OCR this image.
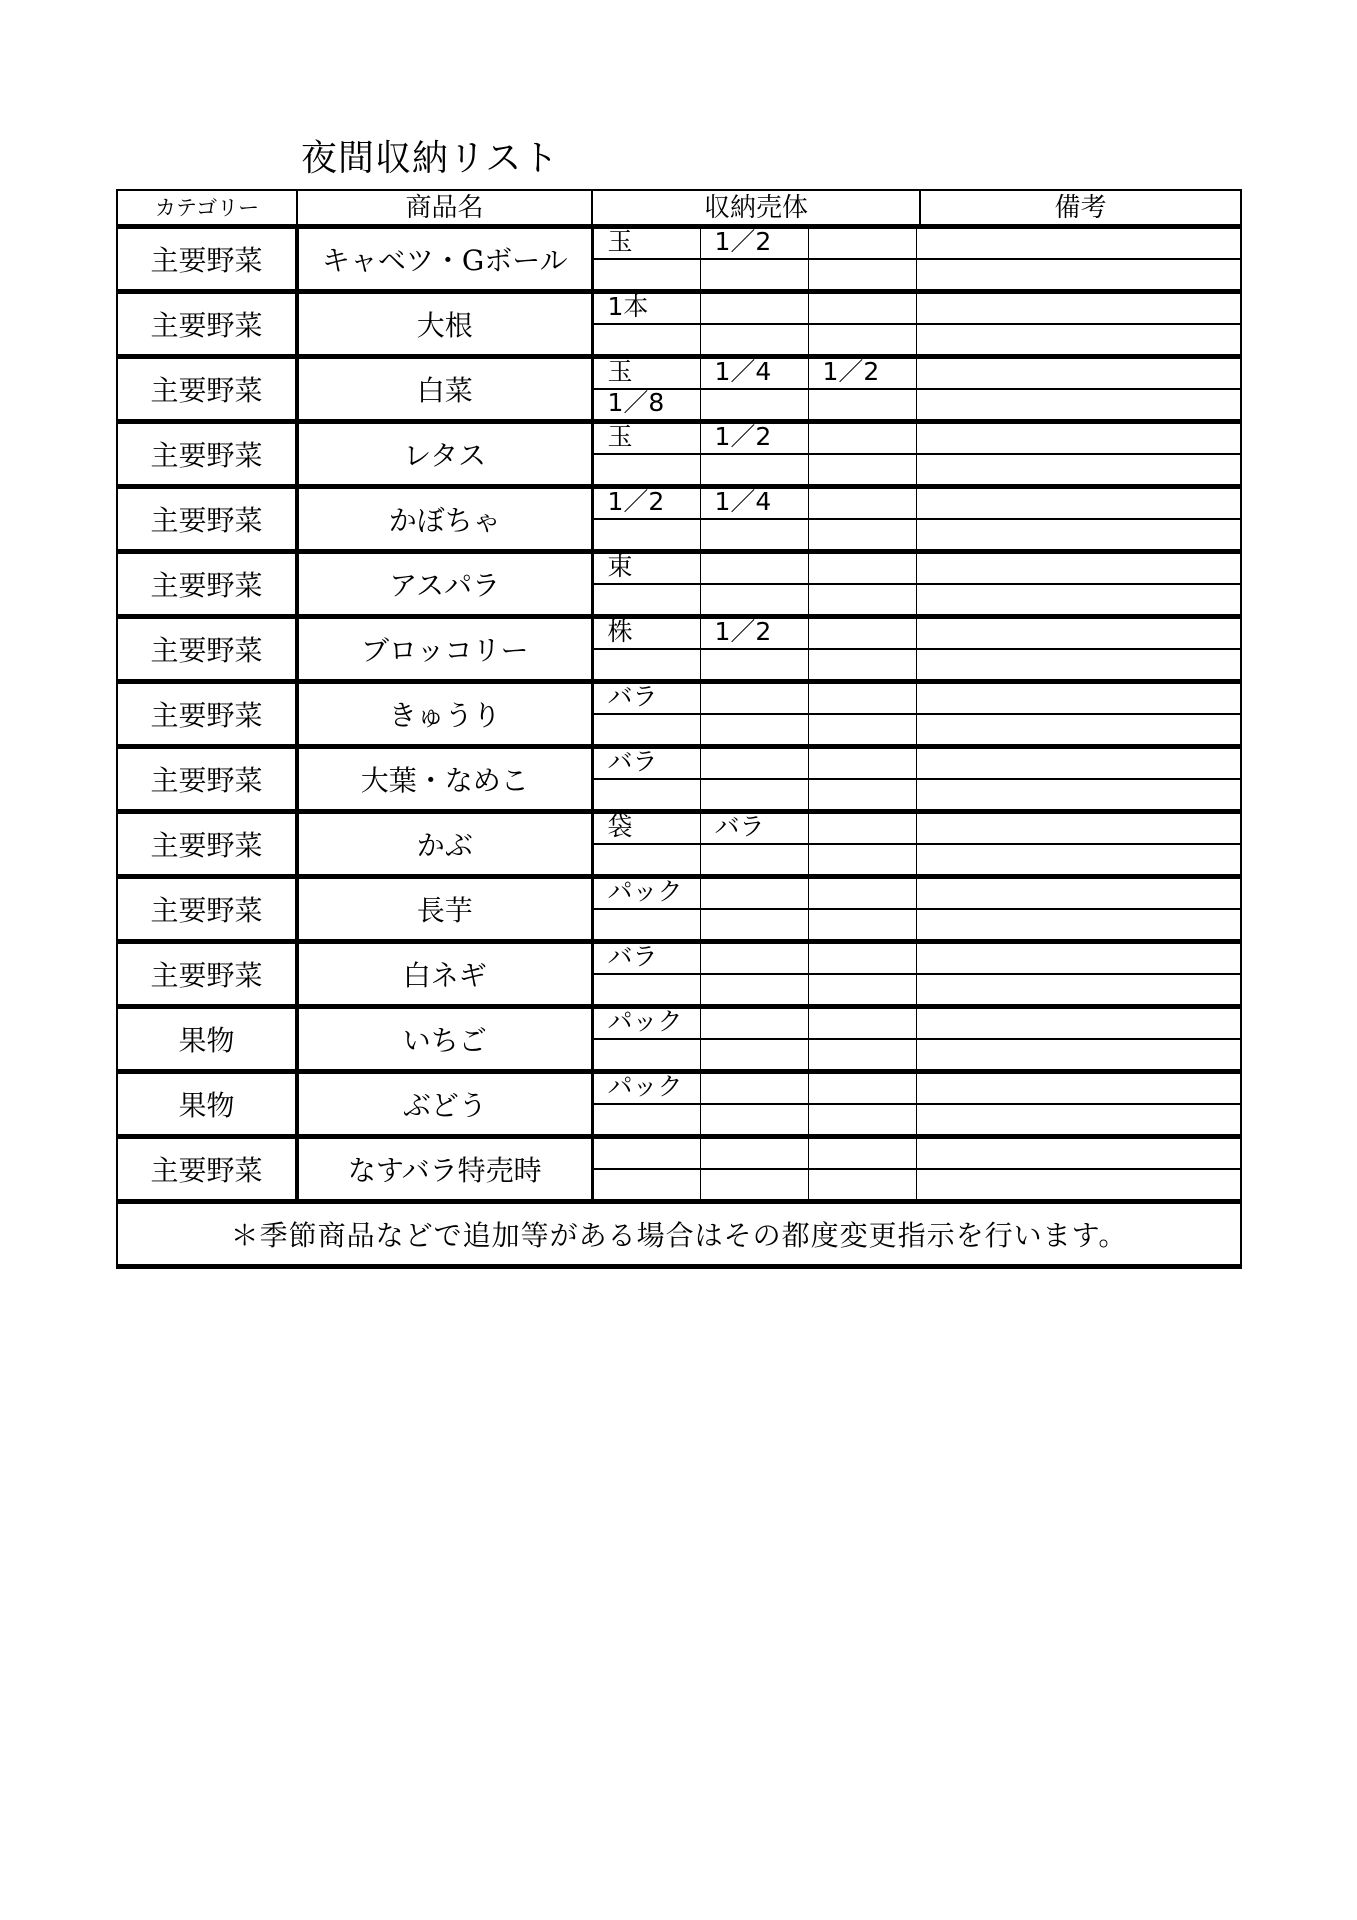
夜間収納リスト
カテゴリー	商品名	収納売体				備考	
主要野菜	キャベツ・Gボール	玉	1／2			

主要野菜	大根	1本				

主要野菜	白菜	玉	1／4	1／2		
		1／8					
主要野菜	レタス	玉	1／2			

主要野菜	かぼちゃ	1／2	1／4			

主要野菜	アスパラ	束				

主要野菜	ブロッコリー	株	1／2			

主要野菜	きゅうり	バラ				

主要野菜	大葉・なめこ	バラ				

主要野菜	かぶ	袋	バラ			

主要野菜	長芋	パック				

主要野菜	白ネギ	バラ				

果物	いちご	パック				

果物	ぶどう	パック				

主要野菜	なすバラ特売時					

＊季節商品などで追加等がある場合はその都度変更指示を行います。							
